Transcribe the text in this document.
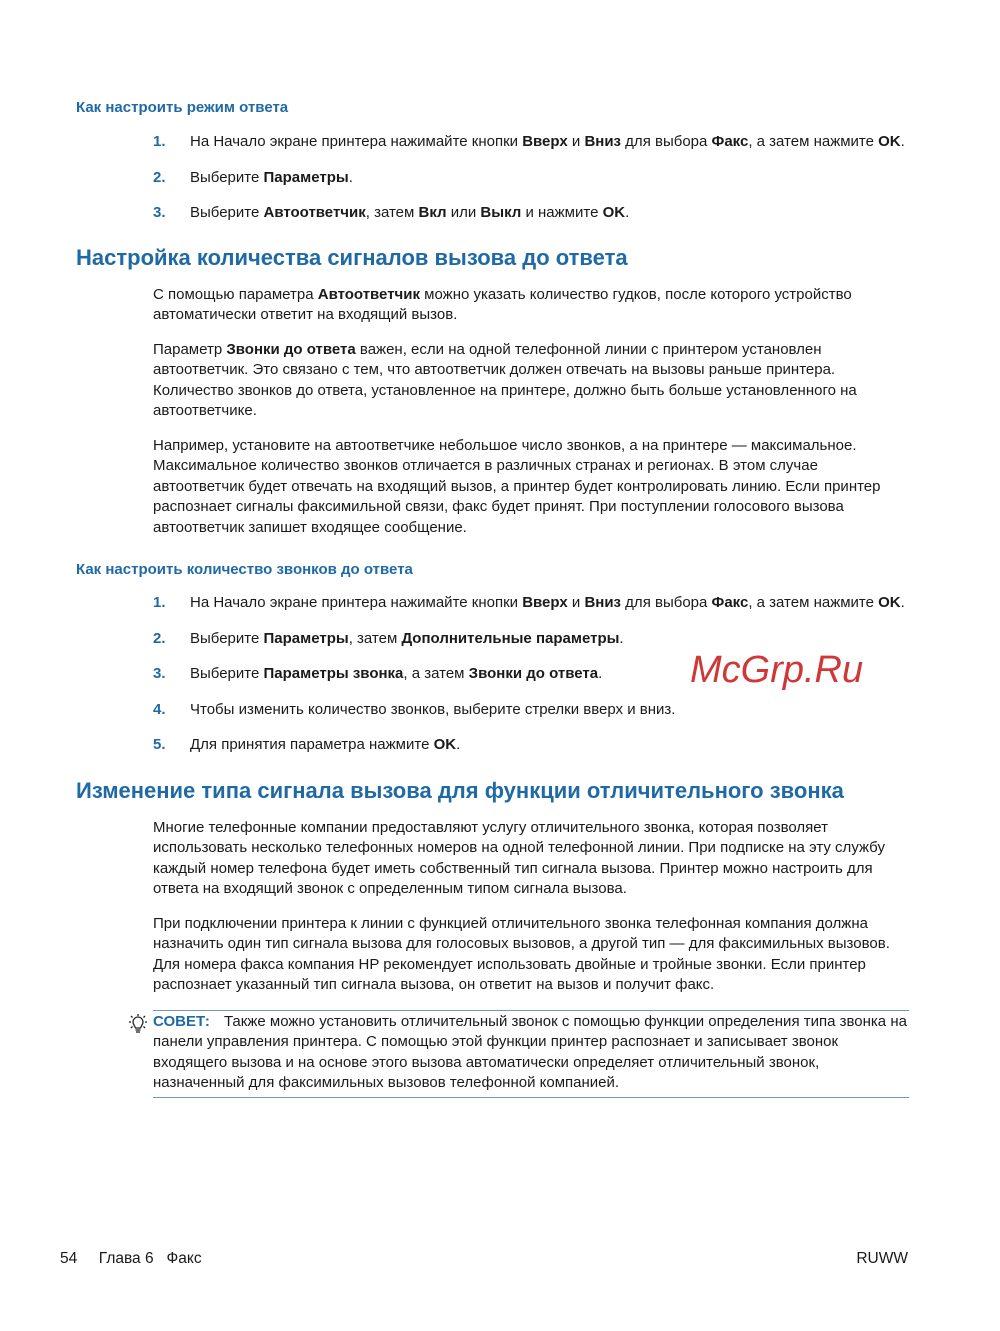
Как настроить режим ответа
1. На Начало экране принтера нажимайте кнопки Вверх и Вниз для выбора Факс, а затем нажмите OK.
2. Выберите Параметры.
3. Выберите Автоответчик, затем Вкл или Выкл и нажмите OK.
Настройка количества сигналов вызова до ответа
С помощью параметра Автоответчик можно указать количество гудков, после которого устройство автоматически ответит на входящий вызов.
Параметр Звонки до ответа важен, если на одной телефонной линии с принтером установлен автоответчик. Это связано с тем, что автоответчик должен отвечать на вызовы раньше принтера. Количество звонков до ответа, установленное на принтере, должно быть больше установленного на автоответчике.
Например, установите на автоответчике небольшое число звонков, а на принтере — максимальное. Максимальное количество звонков отличается в различных странах и регионах. В этом случае автоответчик будет отвечать на входящий вызов, а принтер будет контролировать линию. Если принтер распознает сигналы факсимильной связи, факс будет принят. При поступлении голосового вызова автоответчик запишет входящее сообщение.
Как настроить количество звонков до ответа
1. На Начало экране принтера нажимайте кнопки Вверх и Вниз для выбора Факс, а затем нажмите OK.
2. Выберите Параметры, затем Дополнительные параметры.
3. Выберите Параметры звонка, а затем Звонки до ответа.
4. Чтобы изменить количество звонков, выберите стрелки вверх и вниз.
5. Для принятия параметра нажмите OK.
Изменение типа сигнала вызова для функции отличительного звонка
Многие телефонные компании предоставляют услугу отличительного звонка, которая позволяет использовать несколько телефонных номеров на одной телефонной линии. При подписке на эту службу каждый номер телефона будет иметь собственный тип сигнала вызова. Принтер можно настроить для ответа на входящий звонок с определенным типом сигнала вызова.
При подключении принтера к линии с функцией отличительного звонка телефонная компания должна назначить один тип сигнала вызова для голосовых вызовов, а другой тип — для факсимильных вызовов. Для номера факса компания HP рекомендует использовать двойные и тройные звонки. Если принтер распознает указанный тип сигнала вызова, он ответит на вызов и получит факс.
СОВЕТ: Также можно установить отличительный звонок с помощью функции определения типа звонка на панели управления принтера. С помощью этой функции принтер распознает и записывает звонок входящего вызова и на основе этого вызова автоматически определяет отличительный звонок, назначенный для факсимильных вызовов телефонной компанией.
McGrp.Ru
54 Глава 6 Факс	RUWW
